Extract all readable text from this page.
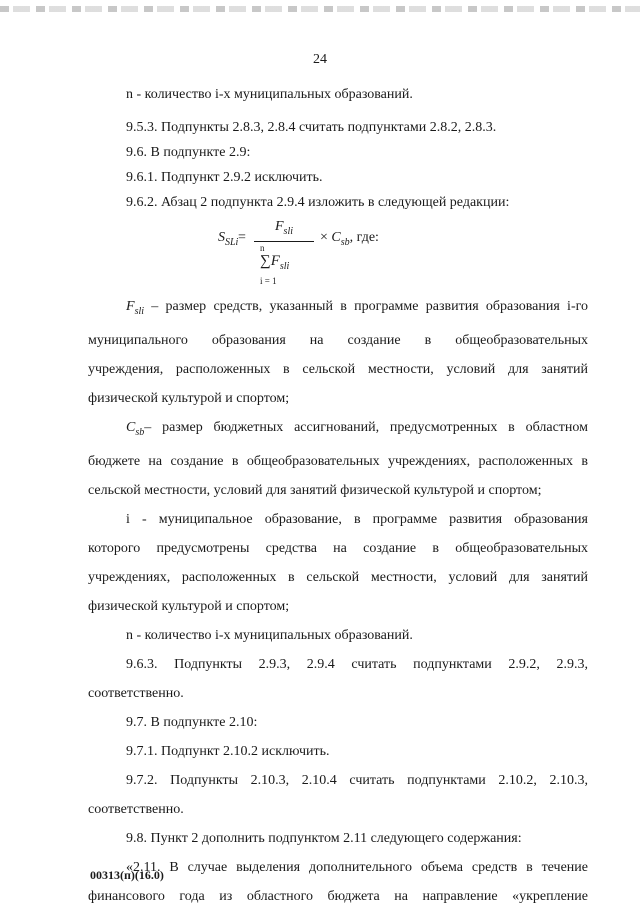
24
n - количество i-х муниципальных образований.
9.5.3. Подпункты 2.8.3, 2.8.4 считать подпунктами 2.8.2, 2.8.3.
9.6. В подпункте 2.9:
9.6.1. Подпункт 2.9.2 исключить.
9.6.2. Абзац 2 подпункта 2.9.4 изложить в следующей редакции:
$S_{SLi}$ =
$F_{sli}$
n
$\sum F_{sli}$
i = 1
× $C_{sb}$, где:
$F_{sli}$ – размер средств, указанный в программе развития образования i-го
муниципального образования на создание в общеобразовательных
учреждения, расположенных в сельской местности, условий для занятий
физической культурой и спортом;
$C_{sb}-$ размер бюджетных ассигнований, предусмотренных в областном
бюджете на создание в общеобразовательных учреждениях, расположенных в
сельской местности, условий для занятий физической культурой и спортом;
i - муниципальное образование, в программе развития образования
которого предусмотрены средства на создание в общеобразовательных
учреждениях, расположенных в сельской местности, условий для занятий
физической культурой и спортом;
n - количество i-х муниципальных образований.
9.6.3. Подпункты 2.9.3, 2.9.4 считать подпунктами 2.9.2, 2.9.3,
соответственно.
9.7. В подпункте 2.10:
9.7.1. Подпункт 2.10.2 исключить.
9.7.2. Подпункты 2.10.3, 2.10.4 считать подпунктами 2.10.2, 2.10.3,
соответственно.
9.8. Пункт 2 дополнить подпунктом 2.11 следующего содержания:
«2.11. В случае выделения дополнительного объема средств в течение
финансового года из областного бюджета на направление «укрепление
00313(п)(16.0)
